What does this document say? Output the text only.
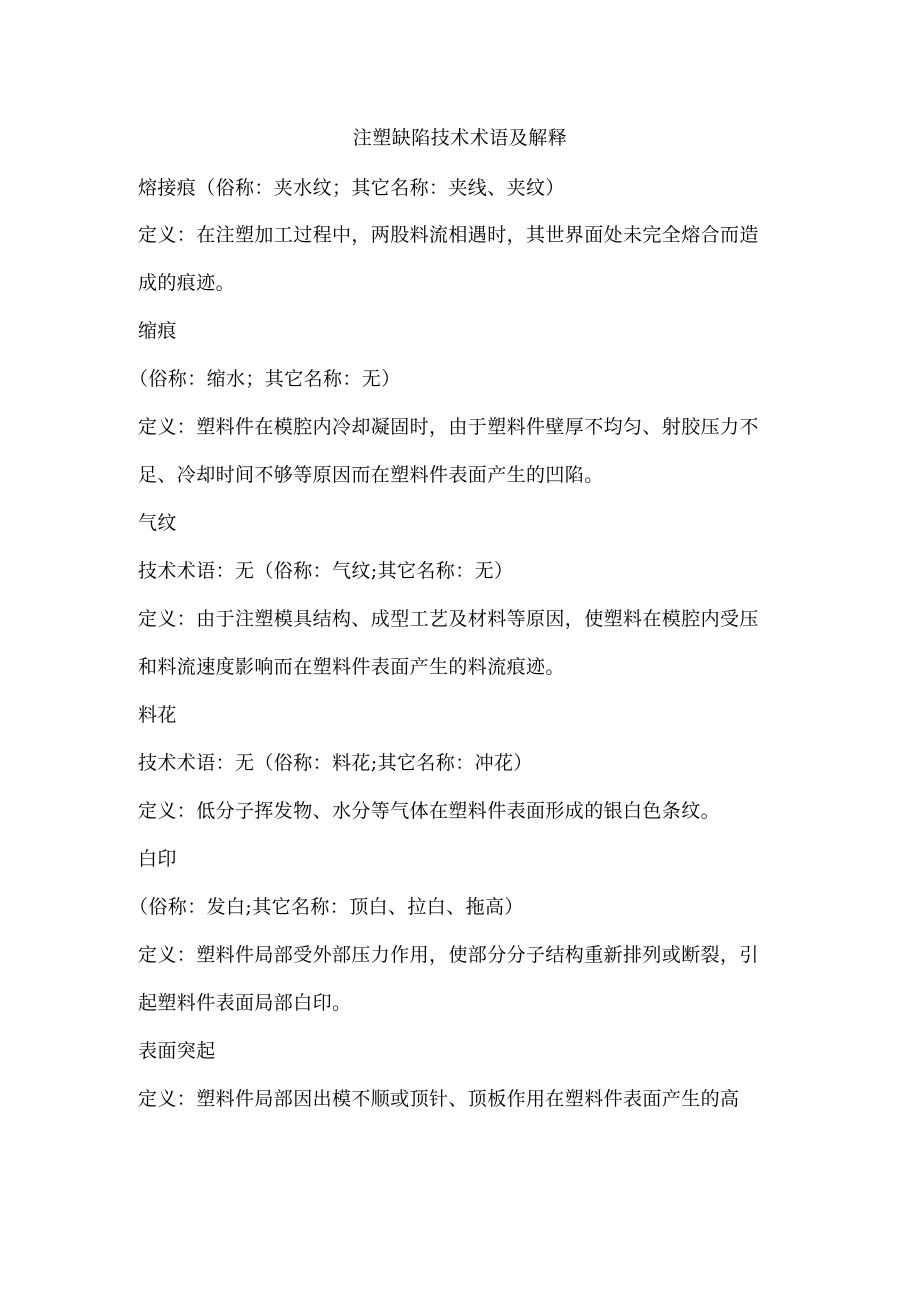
注塑缺陷技术术语及解释
熔接痕（俗称：夹水纹；其它名称：夹线、夹纹）
定义：在注塑加工过程中，两股料流相遇时，其世界面处未完全熔合而造
成的痕迹。
缩痕
（俗称：缩水；其它名称：无）
定义：塑料件在模腔内冷却凝固时，由于塑料件壁厚不均匀、射胶压力不
足、冷却时间不够等原因而在塑料件表面产生的凹陷。
气纹
技术术语：无（俗称：气纹;其它名称：无）
定义：由于注塑模具结构、成型工艺及材料等原因，使塑料在模腔内受压
和料流速度影响而在塑料件表面产生的料流痕迹。
料花
技术术语：无（俗称：料花;其它名称：冲花）
定义：低分子挥发物、水分等气体在塑料件表面形成的银白色条纹。
白印
（俗称：发白;其它名称：顶白、拉白、拖高）
定义：塑料件局部受外部压力作用，使部分分子结构重新排列或断裂，引
起塑料件表面局部白印。
表面突起
定义：塑料件局部因出模不顺或顶针、顶板作用在塑料件表面产生的高
